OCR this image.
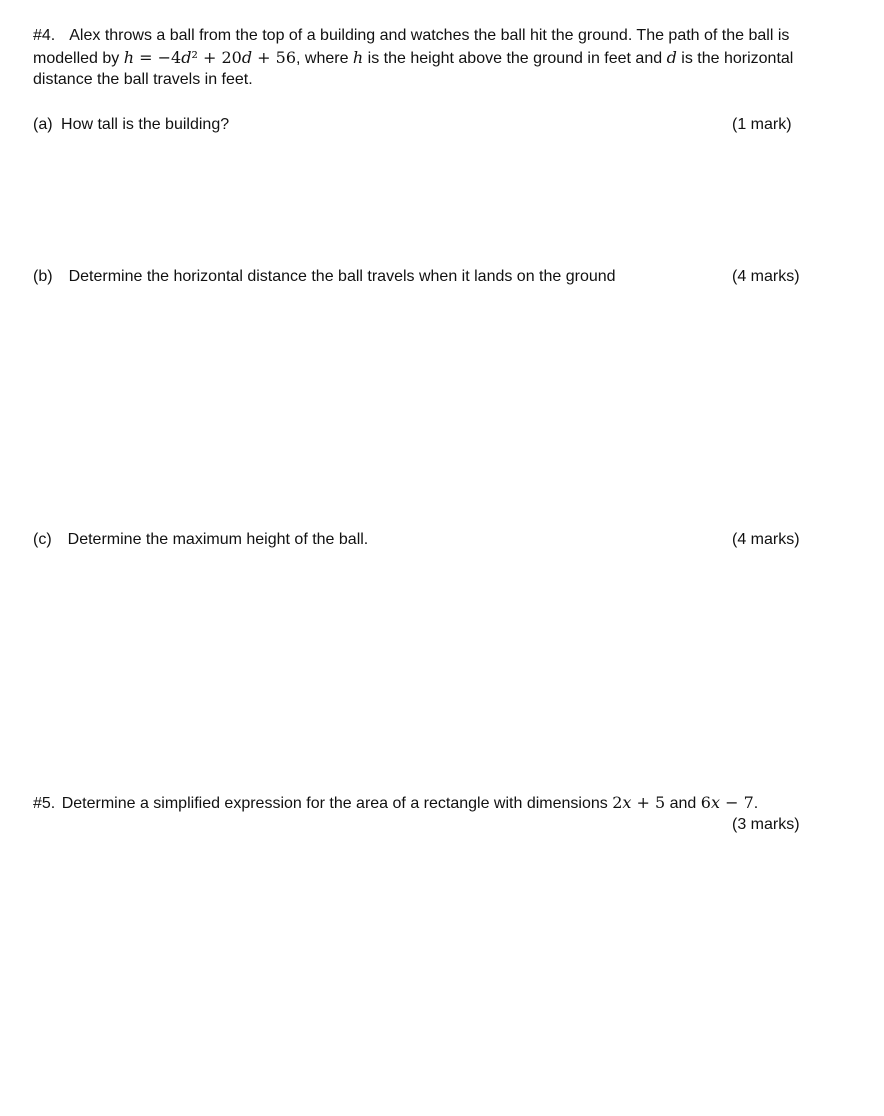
#4. Alex throws a ball from the top of a building and watches the ball hit the ground. The path of the ball is
modelled by h = −4d² + 20d + 56, where h is the height above the ground in feet and d is the horizontal
distance the ball travels in feet.
(a) How tall is the building?	(1 mark)
(b) Determine the horizontal distance the ball travels when it lands on the ground	(4 marks)
(c) Determine the maximum height of the ball.	(4 marks)
#5. Determine a simplified expression for the area of a rectangle with dimensions 2x + 5 and 6x − 7.
(3 marks)
